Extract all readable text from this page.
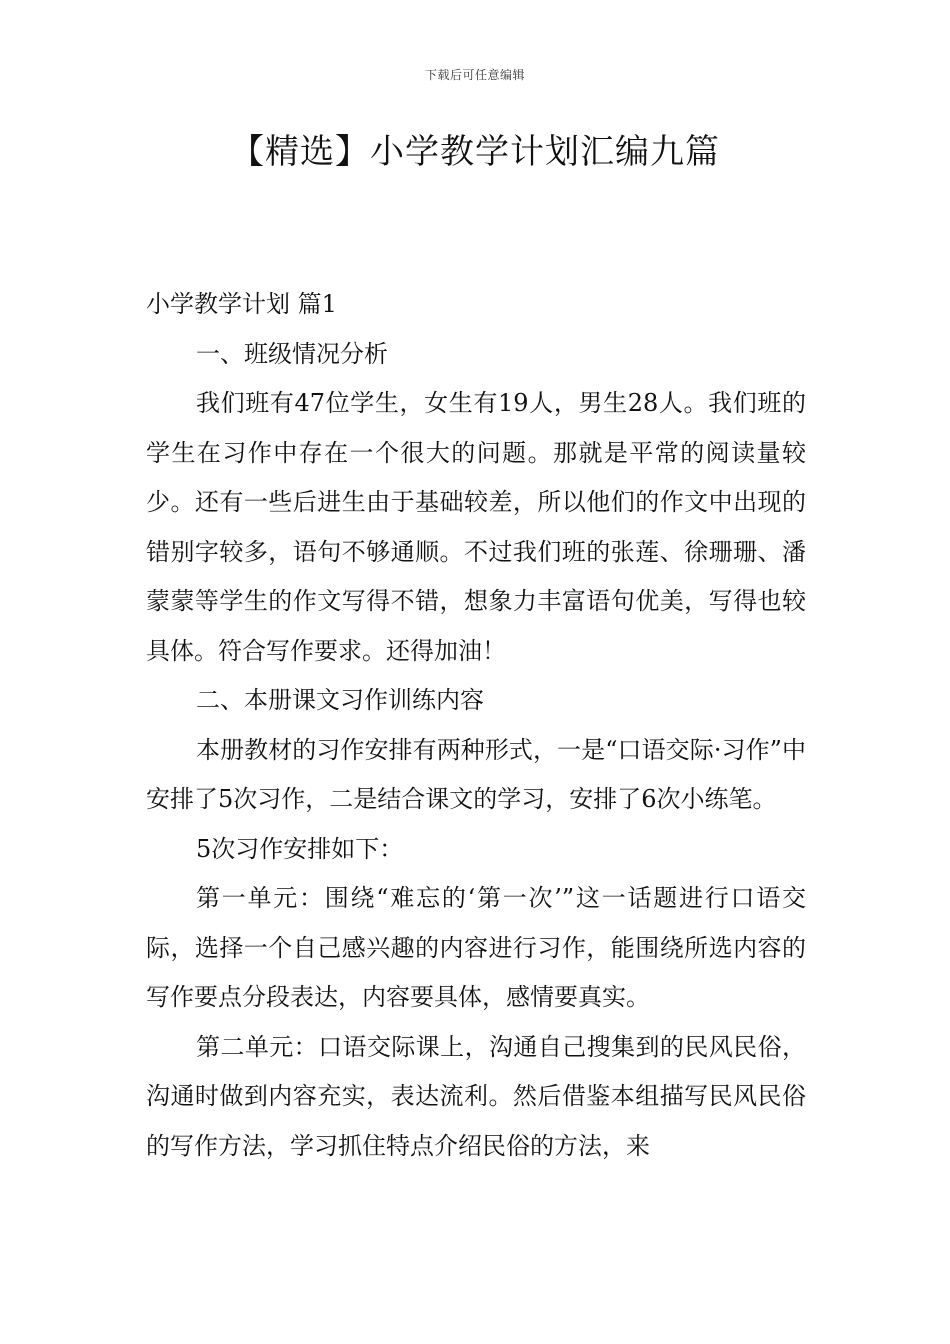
下载后可任意编辑
【精选】小学教学计划汇编九篇

小学教学计划 篇1

一、班级情况分析

我们班有47位学生，女生有19人，男生28人。我们班的学生在习作中存在一个很大的问题。那就是平常的阅读量较少。还有一些后进生由于基础较差，所以他们的作文中出现的错别字较多，语句不够通顺。不过我们班的张莲、徐珊珊、潘蒙蒙等学生的作文写得不错，想象力丰富语句优美，写得也较具体。符合写作要求。还得加油！

二、本册课文习作训练内容

本册教材的习作安排有两种形式，一是“口语交际·习作”中安排了5次习作，二是结合课文的学习，安排了6次小练笔。

5次习作安排如下：

第一单元：围绕“难忘的‘第一次’”这一话题进行口语交际，选择一个自己感兴趣的内容进行习作，能围绕所选内容的写作要点分段表达，内容要具体，感情要真实。

第二单元：口语交际课上，沟通自己搜集到的民风民俗，沟通时做到内容充实，表达流利。然后借鉴本组描写民风民俗的写作方法，学习抓住特点介绍民俗的方法，来
